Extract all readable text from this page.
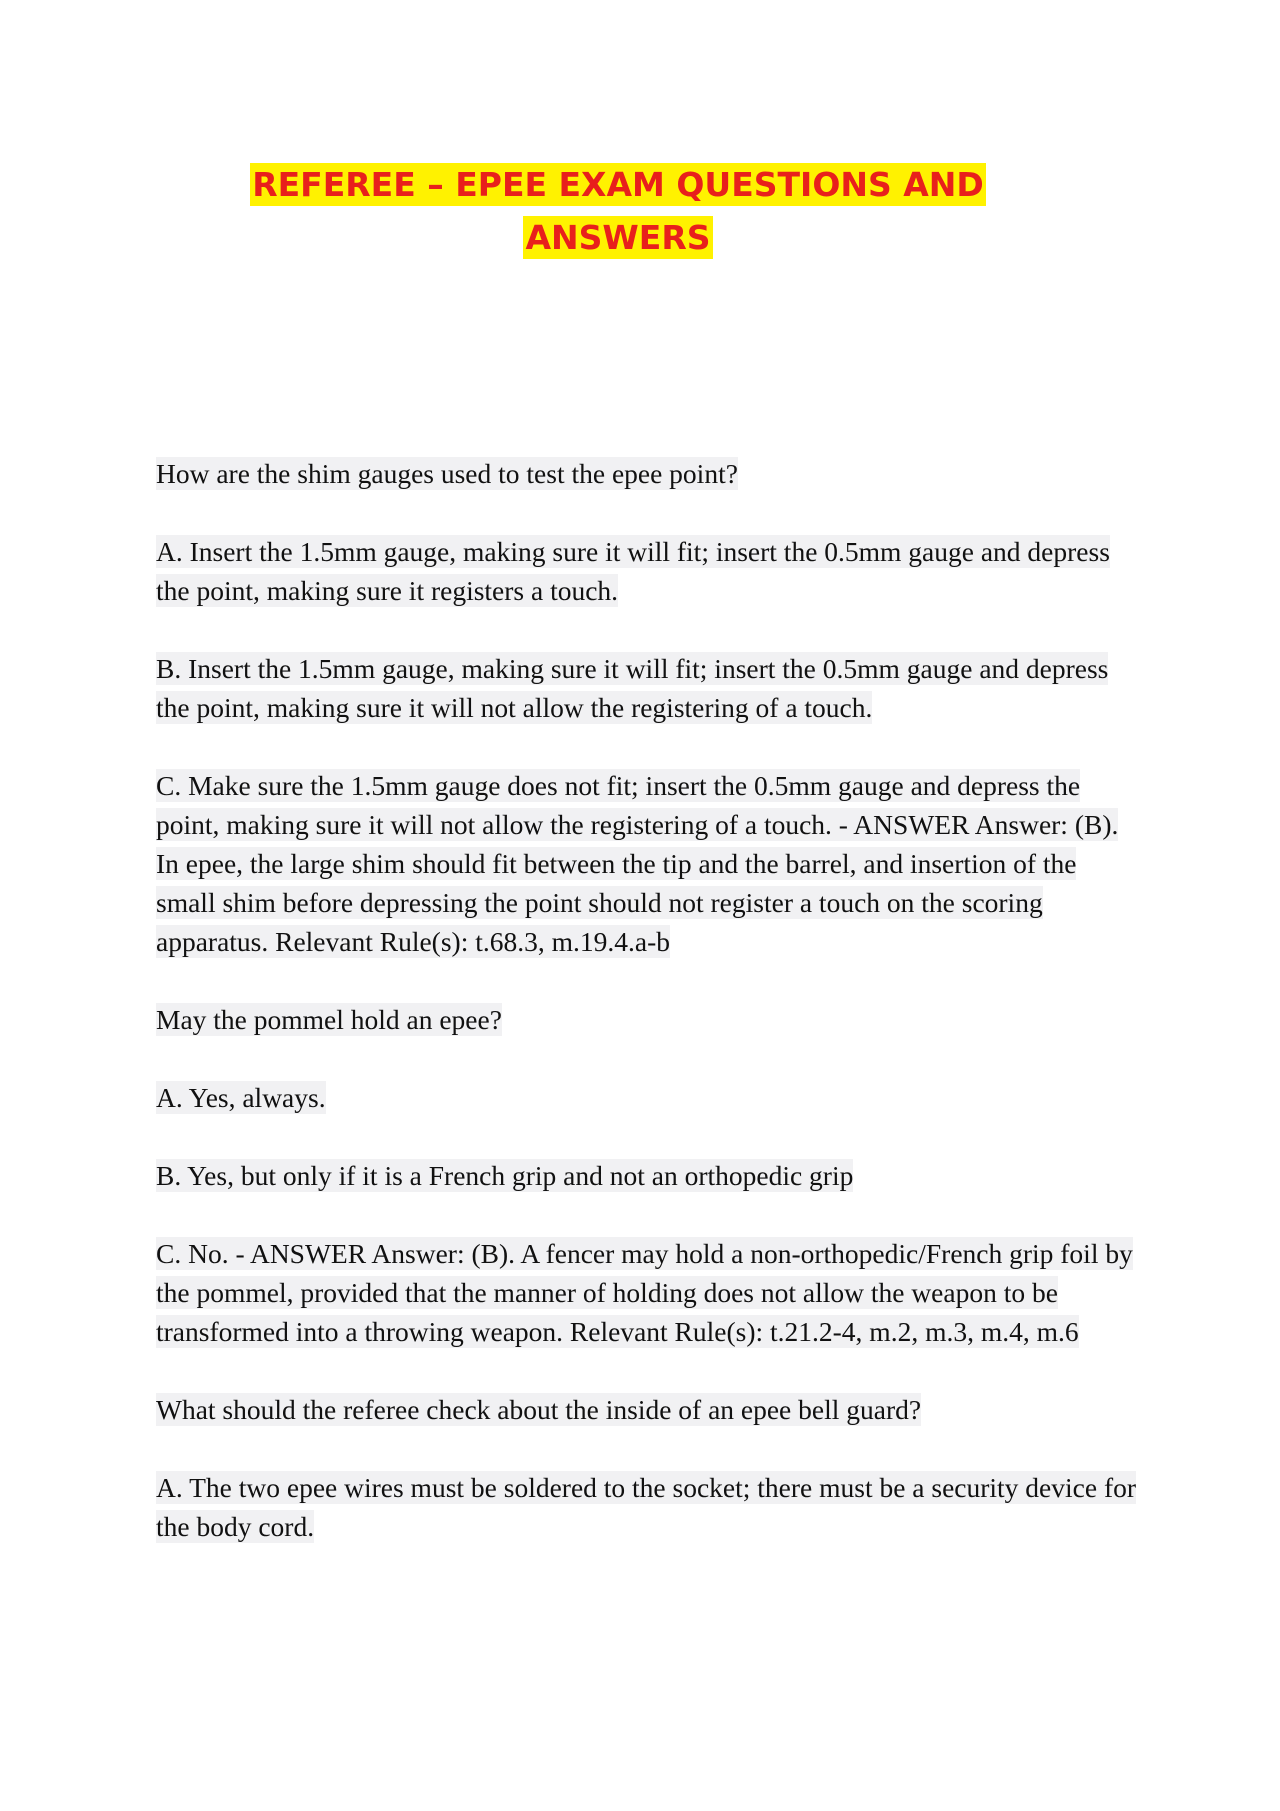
REFEREE – EPEE EXAM QUESTIONS AND
ANSWERS

How are the shim gauges used to test the epee point?

A. Insert the 1.5mm gauge, making sure it will fit; insert the 0.5mm gauge and depress the point, making sure it registers a touch.

B. Insert the 1.5mm gauge, making sure it will fit; insert the 0.5mm gauge and depress the point, making sure it will not allow the registering of a touch.

C. Make sure the 1.5mm gauge does not fit; insert the 0.5mm gauge and depress the point, making sure it will not allow the registering of a touch. - ANSWER Answer: (B). In epee, the large shim should fit between the tip and the barrel, and insertion of the small shim before depressing the point should not register a touch on the scoring apparatus. Relevant Rule(s): t.68.3, m.19.4.a-b

May the pommel hold an epee?

A. Yes, always.

B. Yes, but only if it is a French grip and not an orthopedic grip

C. No. - ANSWER Answer: (B). A fencer may hold a non-orthopedic/French grip foil by the pommel, provided that the manner of holding does not allow the weapon to be transformed into a throwing weapon. Relevant Rule(s): t.21.2-4, m.2, m.3, m.4, m.6

What should the referee check about the inside of an epee bell guard?

A. The two epee wires must be soldered to the socket; there must be a security device for the body cord.
